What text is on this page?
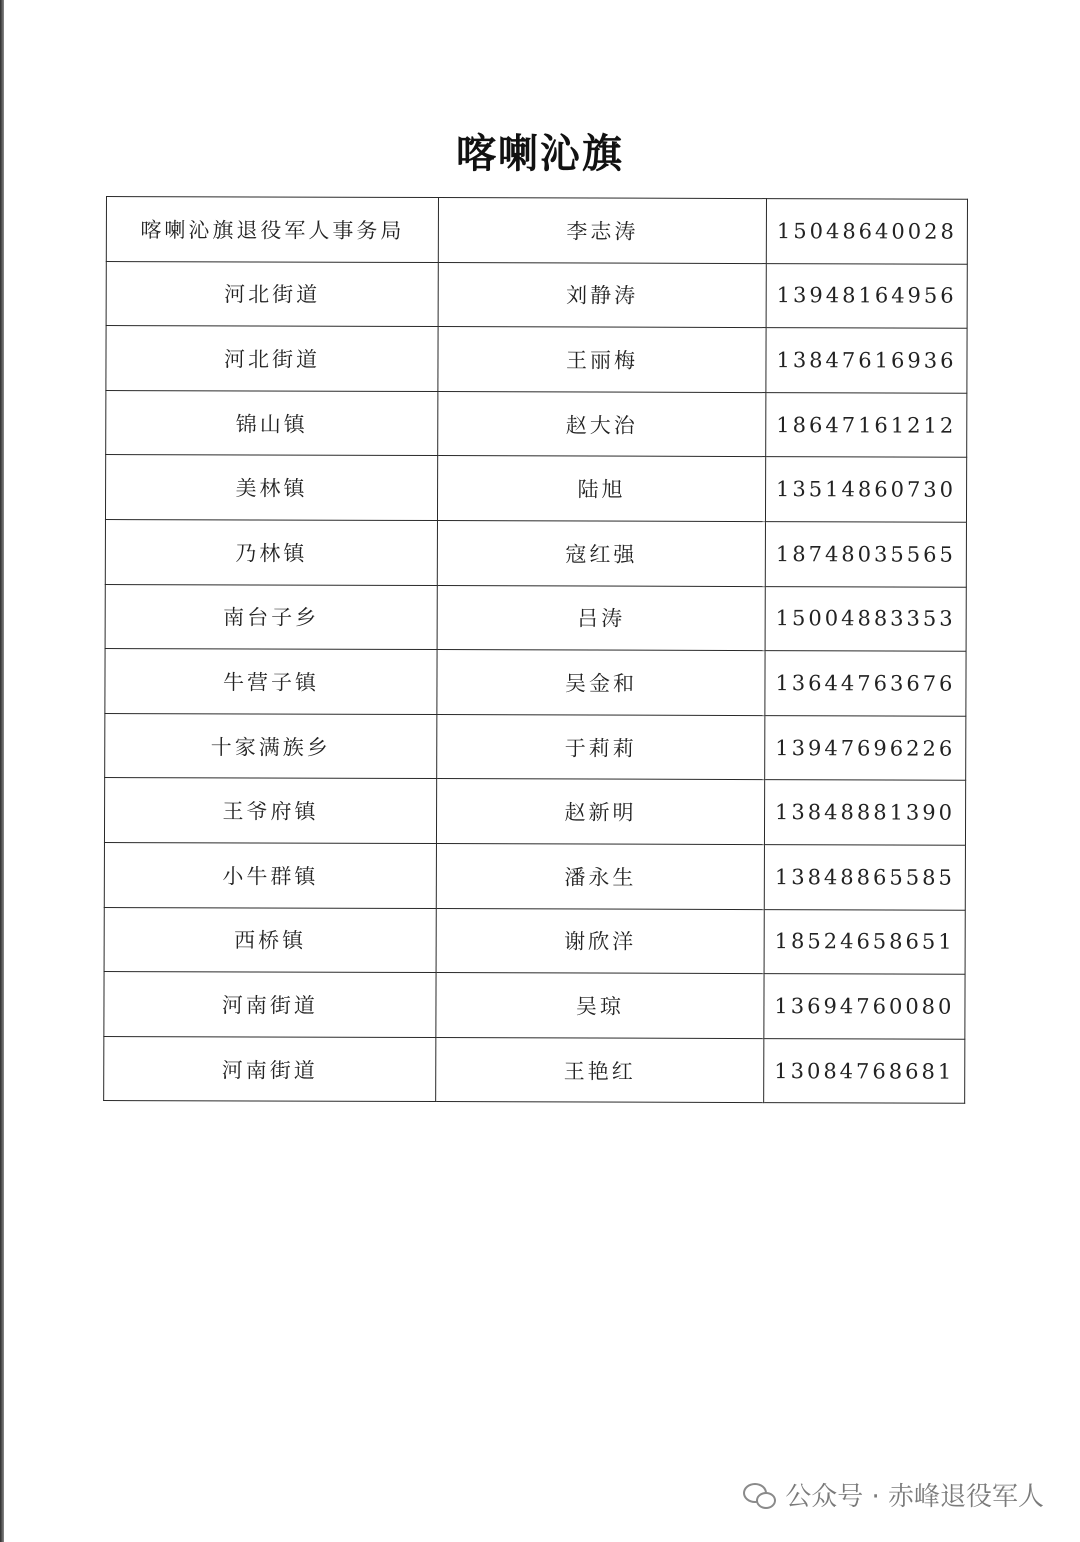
喀喇沁旗
喀喇沁旗退役军人事务局	李志涛	15048640028
河北街道	刘静涛	13948164956
河北街道	王丽梅	13847616936
锦山镇	赵大治	18647161212
美林镇	陆旭	13514860730
乃林镇	寇红强	18748035565
南台子乡	吕涛	15004883353
牛营子镇	吴金和	13644763676
十家满族乡	于莉莉	13947696226
王爷府镇	赵新明	13848881390
小牛群镇	潘永生	13848865585
西桥镇	谢欣洋	18524658651
河南街道	吴琼	13694760080
河南街道	王艳红	13084768681
公众号 · 赤峰退役军人
